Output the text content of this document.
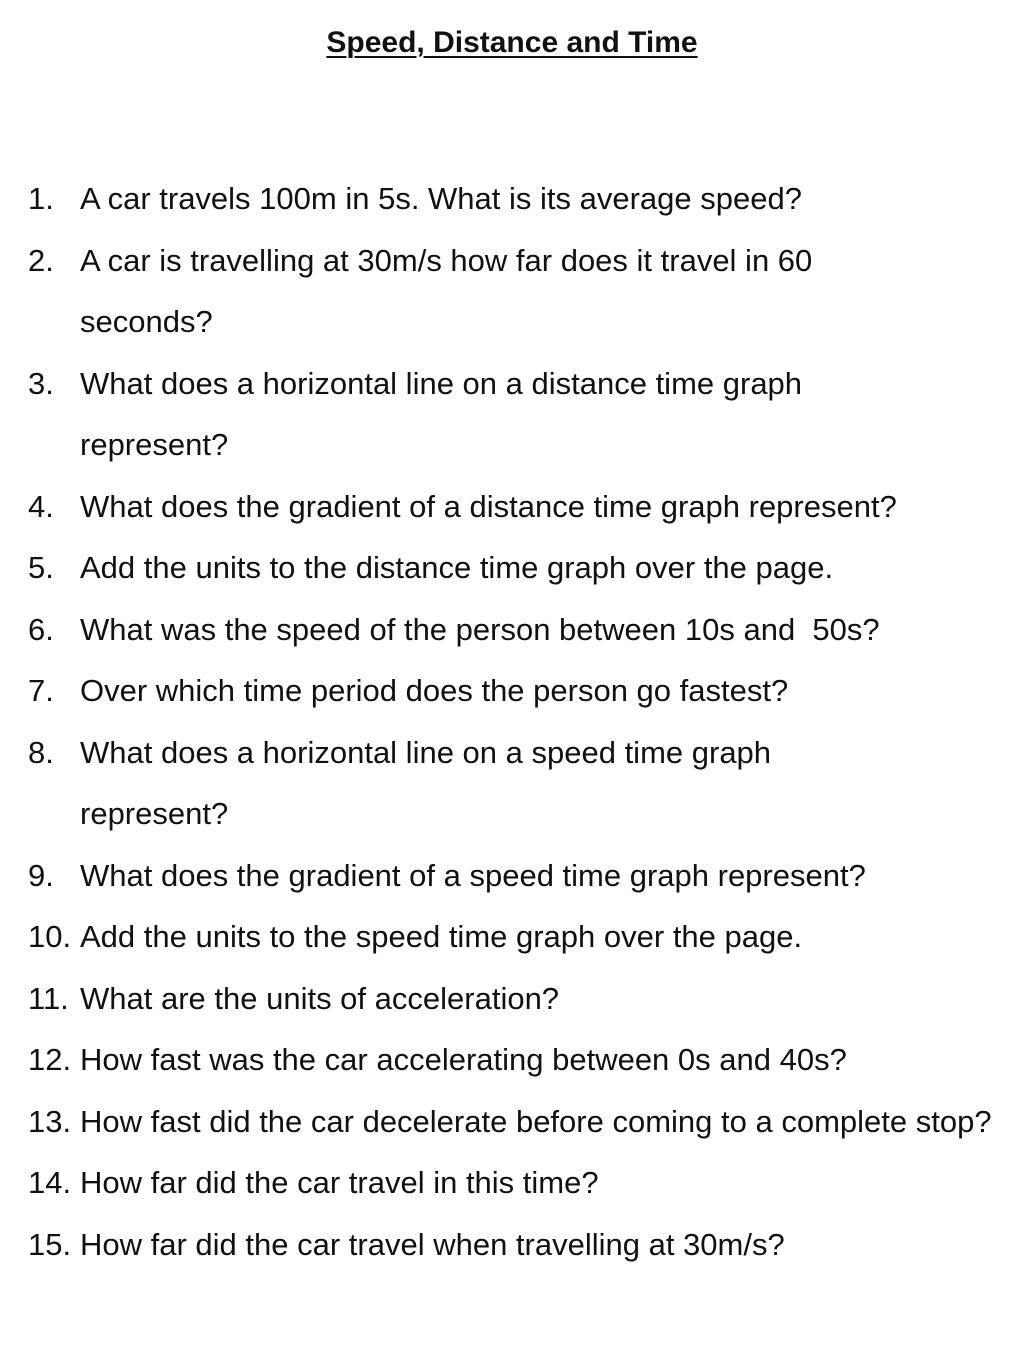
Speed, Distance and Time
1. A car travels 100m in 5s. What is its average speed?
2. A car is travelling at 30m/s how far does it travel in 60 seconds?
3. What does a horizontal line on a distance time graph represent?
4. What does the gradient of a distance time graph represent?
5. Add the units to the distance time graph over the page.
6. What was the speed of the person between 10s and  50s?
7. Over which time period does the person go fastest?
8. What does a horizontal line on a speed time graph represent?
9. What does the gradient of a speed time graph represent?
10. Add the units to the speed time graph over the page.
11. What are the units of acceleration?
12. How fast was the car accelerating between 0s and 40s?
13. How fast did the car decelerate before coming to a complete stop?
14. How far did the car travel in this time?
15. How far did the car travel when travelling at 30m/s?
